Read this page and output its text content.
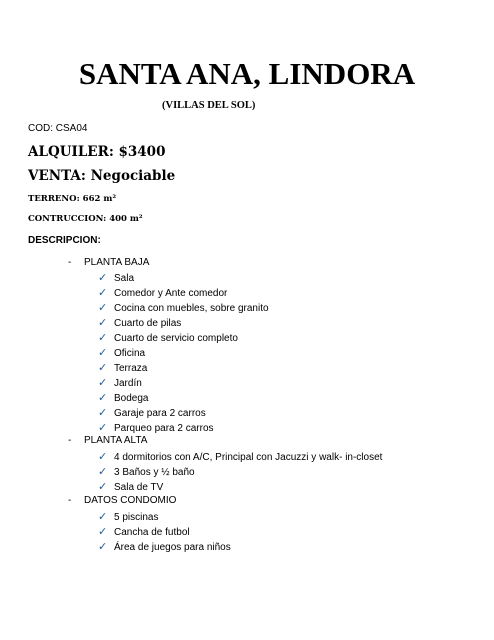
SANTA ANA, LINDORA
(VILLAS DEL SOL)
COD: CSA04
ALQUILER: $3400
VENTA: Negociable
TERRENO: 662 m²
CONTRUCCION: 400 m²
DESCRIPCION:
- PLANTA BAJA
✓ Sala
✓ Comedor y Ante comedor
✓ Cocina con muebles, sobre granito
✓ Cuarto de pilas
✓ Cuarto de servicio completo
✓ Oficina
✓ Terraza
✓ Jardín
✓ Bodega
✓ Garaje para 2 carros
✓ Parqueo para 2 carros
- PLANTA ALTA
✓ 4 dormitorios con A/C, Principal con Jacuzzi y walk- in-closet
✓ 3 Baños y ½ baño
✓ Sala de TV
- DATOS CONDOMIO
✓ 5 piscinas
✓ Cancha de futbol
✓ Área de juegos para niños
